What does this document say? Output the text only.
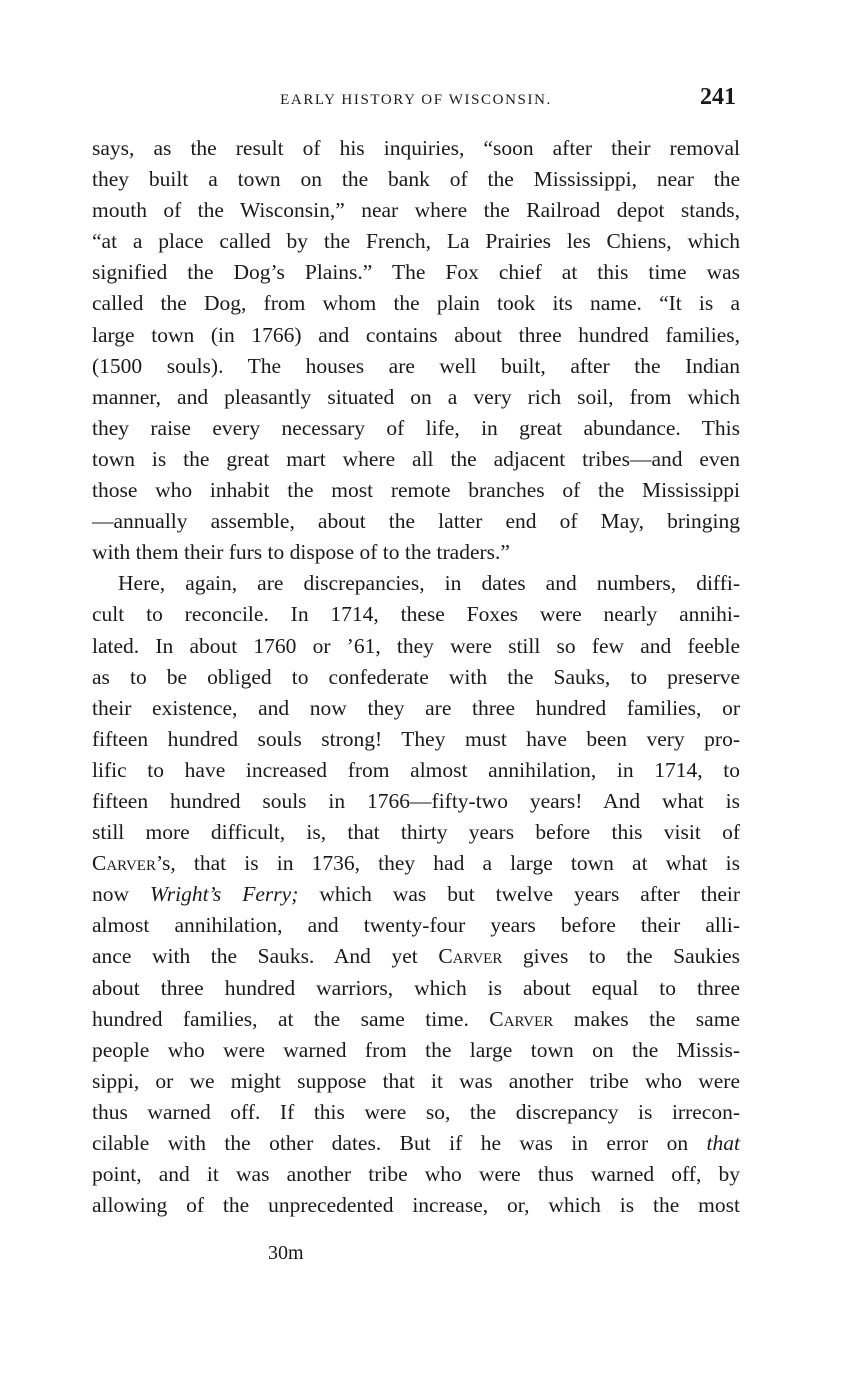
EARLY HISTORY OF WISCONSIN.	241
says, as the result of his inquiries, “soon after their removal
they built a town on the bank of the Mississippi, near the
mouth of the Wisconsin,” near where the Railroad depot stands,
“at a place called by the French, La Prairies les Chiens, which
signified the Dog’s Plains.” The Fox chief at this time was
called the Dog, from whom the plain took its name. “It is a
large town (in 1766) and contains about three hundred families,
(1500 souls). The houses are well built, after the Indian
manner, and pleasantly situated on a very rich soil, from which
they raise every necessary of life, in great abundance. This
town is the great mart where all the adjacent tribes—and even
those who inhabit the most remote branches of the Mississippi
—annually assemble, about the latter end of May, bringing
with them their furs to dispose of to the traders.”
Here, again, are discrepancies, in dates and numbers, diffi-
cult to reconcile. In 1714, these Foxes were nearly annihi-
lated. In about 1760 or ’61, they were still so few and feeble
as to be obliged to confederate with the Sauks, to preserve
their existence, and now they are three hundred families, or
fifteen hundred souls strong! They must have been very pro-
lific to have increased from almost annihilation, in 1714, to
fifteen hundred souls in 1766—fifty-two years! And what is
still more difficult, is, that thirty years before this visit of
Carver’s, that is in 1736, they had a large town at what is
now Wright’s Ferry; which was but twelve years after their
almost annihilation, and twenty-four years before their alli-
ance with the Sauks. And yet Carver gives to the Saukies
about three hundred warriors, which is about equal to three
hundred families, at the same time. Carver makes the same
people who were warned from the large town on the Missis-
sippi, or we might suppose that it was another tribe who were
thus warned off. If this were so, the discrepancy is irrecon-
cilable with the other dates. But if he was in error on that
point, and it was another tribe who were thus warned off, by
allowing of the unprecedented increase, or, which is the most
30m
